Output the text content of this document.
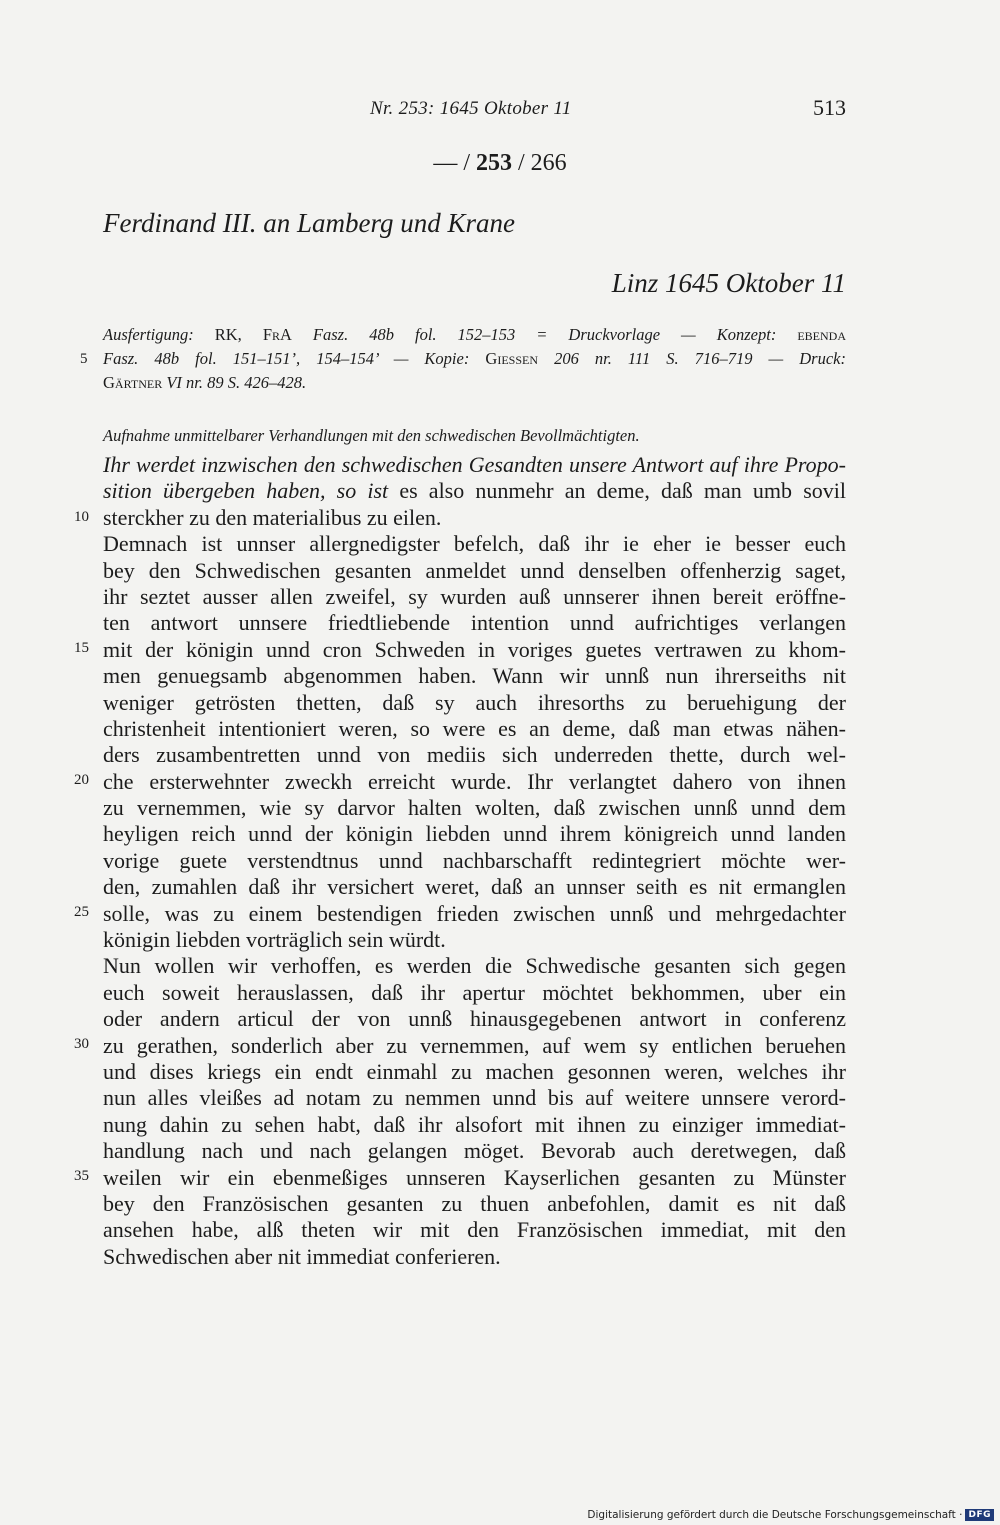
Nr. 253: 1645 Oktober 11	513
— / 253 / 266
Ferdinand III. an Lamberg und Krane
Linz 1645 Oktober 11
Ausfertigung: RK, FrA Fasz. 48b fol. 152–153 = Druckvorlage — Konzept: ebenda
Fasz. 48b fol. 151–151’, 154–154’ — Kopie: Giessen 206 nr. 111 S. 716–719 — Druck:
Gärtner VI nr. 89 S. 426–428.
Aufnahme unmittelbarer Verhandlungen mit den schwedischen Bevollmächtigten.
Ihr werdet inzwischen den schwedischen Gesandten unsere Antwort auf ihre Propo-
sition übergeben haben, so ist es also nunmehr an deme, daß man umb sovil
sterckher zu den materialibus zu eilen.
Demnach ist unnser allergnedigster befelch, daß ihr ie eher ie besser euch
bey den Schwedischen gesanten anmeldet unnd denselben offenherzig saget,
ihr seztet ausser allen zweifel, sy wurden auß unnserer ihnen bereit eröffne-
ten antwort unnsere friedtliebende intention unnd aufrichtiges verlangen
mit der königin unnd cron Schweden in voriges guetes vertrawen zu khom-
men genuegsamb abgenommen haben. Wann wir unnß nun ihrerseiths nit
weniger getrösten thetten, daß sy auch ihresorths zu beruehigung der
christenheit intentioniert weren, so were es an deme, daß man etwas nähen-
ders zusambentretten unnd von mediis sich underreden thette, durch wel-
che ersterwehnter zweckh erreicht wurde. Ihr verlangtet dahero von ihnen
zu vernemmen, wie sy darvor halten wolten, daß zwischen unnß unnd dem
heyligen reich unnd der königin liebden unnd ihrem königreich unnd landen
vorige guete verstendtnus unnd nachbarschafft redintegriert möchte wer-
den, zumahlen daß ihr versichert weret, daß an unnser seith es nit ermanglen
solle, was zu einem bestendigen frieden zwischen unnß und mehrgedachter
königin liebden vorträglich sein würdt.
Nun wollen wir verhoffen, es werden die Schwedische gesanten sich gegen
euch soweit herauslassen, daß ihr apertur möchtet bekhommen, uber ein
oder andern articul der von unnß hinausgegebenen antwort in conferenz
zu gerathen, sonderlich aber zu vernemmen, auf wem sy entlichen beruehen
und dises kriegs ein endt einmahl zu machen gesonnen weren, welches ihr
nun alles vleißes ad notam zu nemmen unnd bis auf weitere unnsere verord-
nung dahin zu sehen habt, daß ihr alsofort mit ihnen zu einziger immediat-
handlung nach und nach gelangen möget. Bevorab auch deretwegen, daß
weilen wir ein ebenmeßiges unnseren Kayserlichen gesanten zu Münster
bey den Französischen gesanten zu thuen anbefohlen, damit es nit daß
ansehen habe, alß theten wir mit den Französischen immediat, mit den
Schwedischen aber nit immediat conferieren.
5
10
15
20
25
30
35
Digitalisierung gefördert durch die Deutsche Forschungsgemeinschaft · DFG
